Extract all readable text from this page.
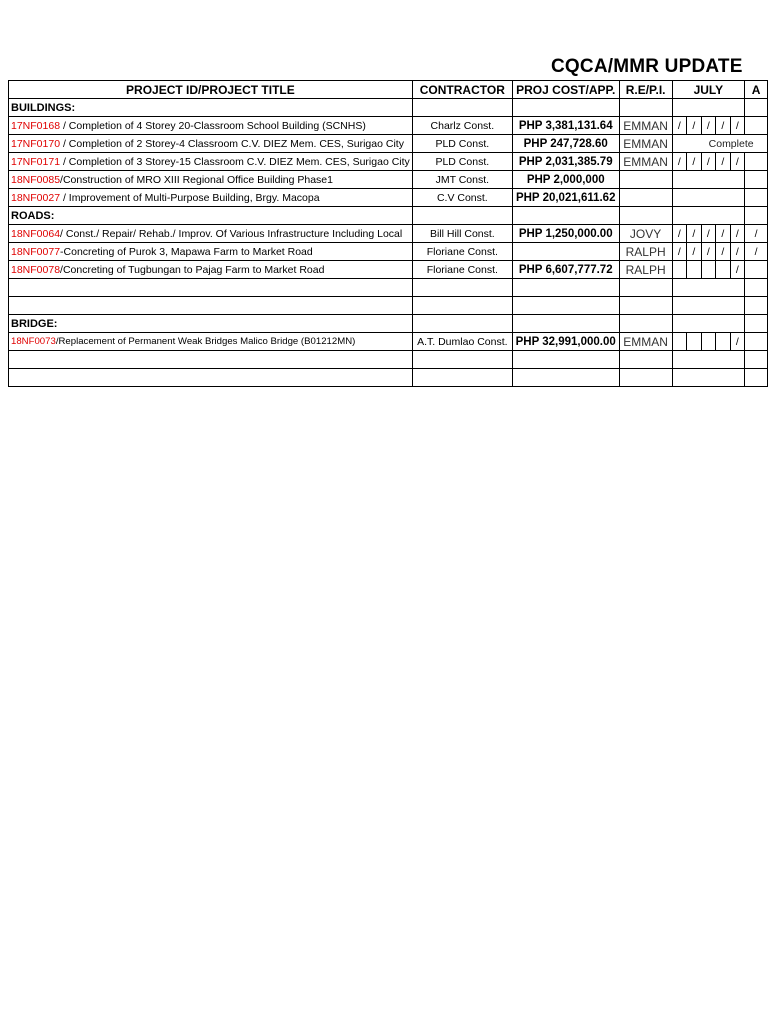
CQCA/MMR UPDATE
PROJECT ID/PROJECT TITLE	CONTRACTOR	PROJ COST/APP.	R.E/P.I.	JULY					A
BUILDINGS:									
17NF0168 / Completion of 4 Storey 20-Classroom School Building (SCNHS)	Charlz Const.	PHP 3,381,131.64	EMMAN	/	/	/	/	/	
17NF0170 / Completion of 2 Storey-4 Classroom C.V. DIEZ Mem. CES, Surigao City	PLD Const.	PHP 247,728.60	EMMAN	Complete					
17NF0171 / Completion of 3 Storey-15 Classroom C.V. DIEZ Mem. CES, Surigao City	PLD Const.	PHP 2,031,385.79	EMMAN	/	/	/	/	/	
18NF0085/Construction of MRO XIII Regional Office Building Phase1	JMT Const.	PHP 2,000,000							
18NF0027 / Improvement of Multi-Purpose Building, Brgy. Macopa	C.V Const.	PHP 20,021,611.62							
ROADS:									
18NF0064/ Const./ Repair/ Rehab./ Improv. Of Various Infrastructure Including Local	Bill Hill Const.	PHP 1,250,000.00	JOVY	/	/	/	/	/	/
18NF0077-Concreting of Purok 3, Mapawa Farm to Market Road	Floriane Const.		RALPH	/	/	/	/	/	/
18NF0078/Concreting of Tugbungan to Pajag Farm to Market Road	Floriane Const.	PHP 6,607,777.72	RALPH					/	

BRIDGE:									
18NF0073/Replacement of Permanent Weak Bridges Malico Bridge (B01212MN)	A.T. Dumlao Const.	PHP 32,991,000.00	EMMAN					/	
